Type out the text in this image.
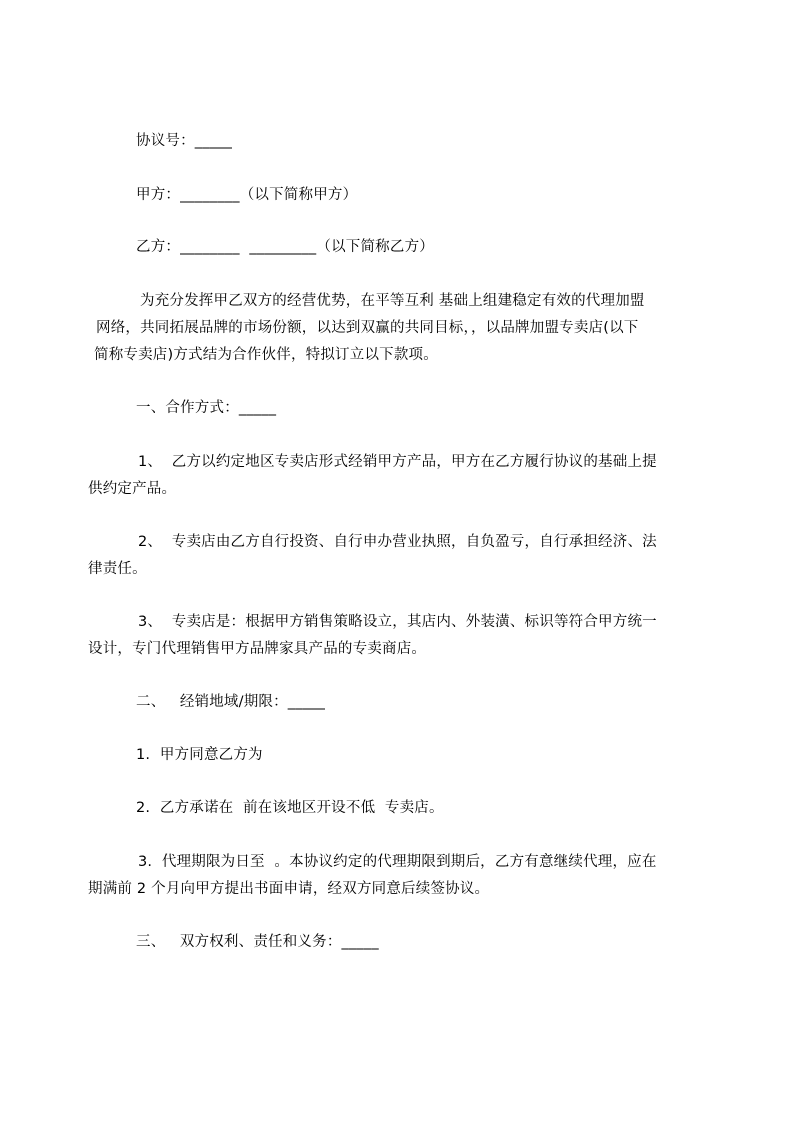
协议号：_____
甲方：________（以下简称甲方）
乙方：________  _________（以下简称乙方）
为充分发挥甲乙双方的经营优势，在平等互利 基础上组建稳定有效的代理加盟
网络，共同拓展品牌的市场份额，以达到双赢的共同目标，，以品牌加盟专卖店(以下
简称专卖店)方式结为合作伙伴，特拟订立以下款项。
一、合作方式：_____
1、  乙方以约定地区专卖店形式经销甲方产品，甲方在乙方履行协议的基础上提
供约定产品。
2、  专卖店由乙方自行投资、自行申办营业执照，自负盈亏，自行承担经济、法
律责任。
3、  专卖店是：根据甲方销售策略设立，其店内、外装潢、标识等符合甲方统一
设计，专门代理销售甲方品牌家具产品的专卖商店。
二、   经销地域/期限：_____
1.  甲方同意乙方为
2.  乙方承诺在  前在该地区开设不低  专卖店。
3.  代理期限为日至  。本协议约定的代理期限到期后，乙方有意继续代理，应在
期满前 2 个月向甲方提出书面申请，经双方同意后续签协议。
三、   双方权利、责任和义务：_____
